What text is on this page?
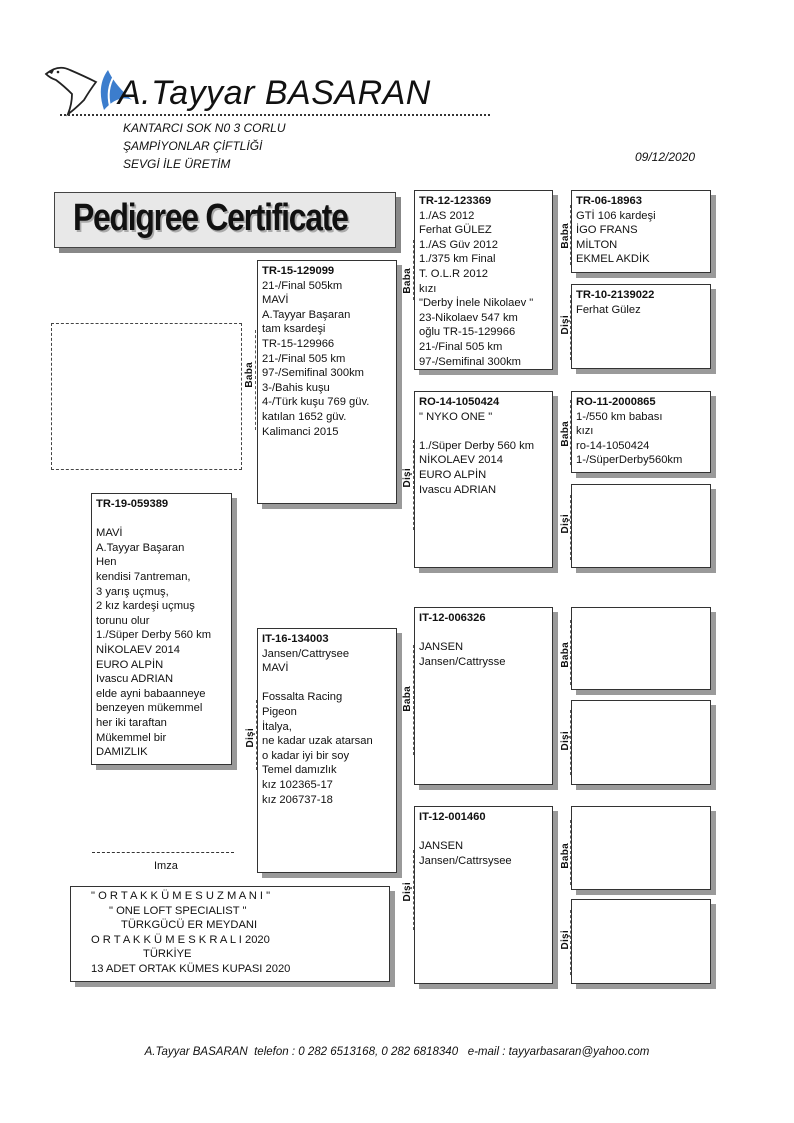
A.Tayyar BASARAN
KANTARCI SOK N0 3 CORLU
ŞAMPİYONLAR ÇİFTLİĞİ
SEVGİ İLE ÜRETİM	09/12/2020
Pedigree Certificate
TR-19-059389

MAVİ
A.Tayyar Başaran
Hen
kendisi 7antreman,
3 yarış uçmuş,
2 kız kardeşi uçmuş
torunu olur
1./Süper Derby 560 km
NİKOLAEV 2014
EURO ALPİN
Ivascu ADRIAN
elde ayni babaanneye
benzeyen mükemmel
her iki taraftan
Mükemmel bir
DAMIZLIK
Baba
TR-15-129099
21-/Final 505km
MAVİ
A.Tayyar Başaran
tam ksardeşi
TR-15-129966
21-/Final 505 km
97-/Semifinal 300km
3-/Bahis kuşu
4-/Türk kuşu 769 güv.
katılan 1652 güv.
Kalimanci 2015
Dişi
IT-16-134003
Jansen/Cattrysee
MAVİ

Fossalta Racing
Pigeon
İtalya,
ne kadar uzak atarsan
o kadar iyi bir soy
Temel damızlık
kız 102365-17
kız 206737-18
Baba
TR-12-123369
1./AS 2012
Ferhat GÜLEZ
1./AS Güv 2012
1./375 km Final
T. O.L.R 2012
kızı
"Derby İnele Nikolaev "
23-Nikolaev 547 km
oğlu TR-15-129966
21-/Final 505 km
97-/Semifinal 300km
Dişi
RO-14-1050424
" NYKO ONE "

1./Süper Derby 560 km
NİKOLAEV 2014
EURO ALPİN
Ivascu ADRIAN
Baba
IT-12-006326

JANSEN
Jansen/Cattrysse
Dişi
IT-12-001460

JANSEN
Jansen/Cattrsysee
Baba
TR-06-18963
GTİ 106 kardeşi
İGO FRANS
MİLTON
EKMEL AKDİK
Dişi
TR-10-2139022
Ferhat Gülez
Baba
RO-11-2000865
1-/550 km babası
kızı
ro-14-1050424
1-/SüperDerby560km
Dişi
Baba
Dişi
Baba
Dişi
Imza
" O R T A K K Ü M E S U Z M A N I "
" ONE LOFT SPECIALIST "
TÜRKGÜCÜ ER MEYDANI
O R T A K K Ü M E S K R A L I 2020
TÜRKİYE
13 ADET ORTAK KÜMES KUPASI 2020
A.Tayyar BASARAN  telefon : 0 282 6513168, 0 282 6818340   e-mail : tayyarbasaran@yahoo.com
